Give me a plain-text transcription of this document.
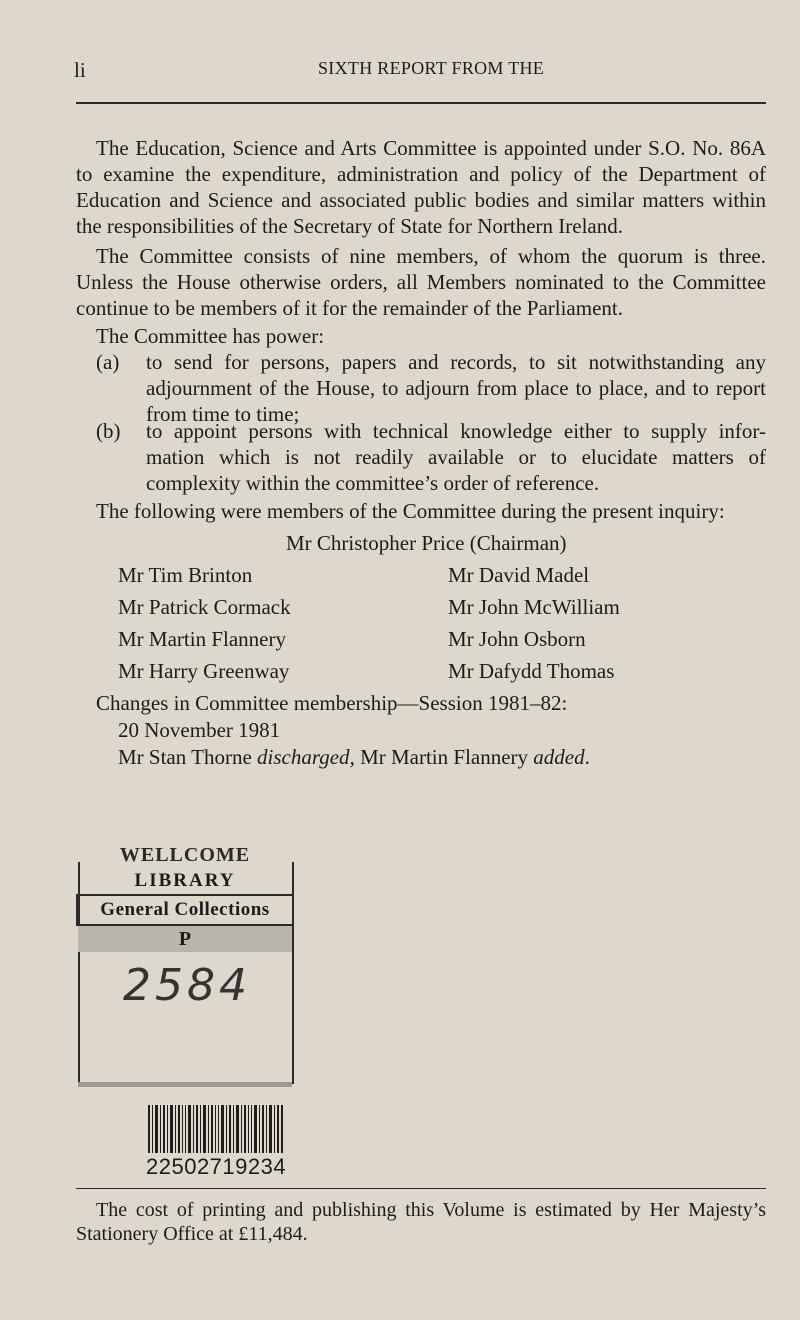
li	SIXTH REPORT FROM THE

The Education, Science and Arts Committee is appointed under S.O. No. 86A to examine the expenditure, administration and policy of the Department of Education and Science and associated public bodies and similar matters within the responsibilities of the Secretary of State for Northern Ireland.

The Committee consists of nine members, of whom the quorum is three. Unless the House otherwise orders, all Members nominated to the Committee continue to be members of it for the remainder of the Parliament.

The Committee has power:
(a) to send for persons, papers and records, to sit notwithstanding any adjournment of the House, to adjourn from place to place, and to report from time to time;
(b) to appoint persons with technical knowledge either to supply infor-mation which is not readily available or to elucidate matters of complexity within the committee’s order of reference.
The following were members of the Committee during the present inquiry:
Mr Christopher Price (Chairman)
Mr Tim Brinton
Mr Patrick Cormack
Mr Martin Flannery
Mr Harry Greenway
Mr David Madel
Mr John McWilliam
Mr John Osborn
Mr Dafydd Thomas
Changes in Committee membership—Session 1981–82:
20 November 1981
Mr Stan Thorne discharged, Mr Martin Flannery added.
WELLCOME
LIBRARY
General Collections
P
2584
22502719234

The cost of printing and publishing this Volume is estimated by Her Majesty’s Stationery Office at £11,484.
